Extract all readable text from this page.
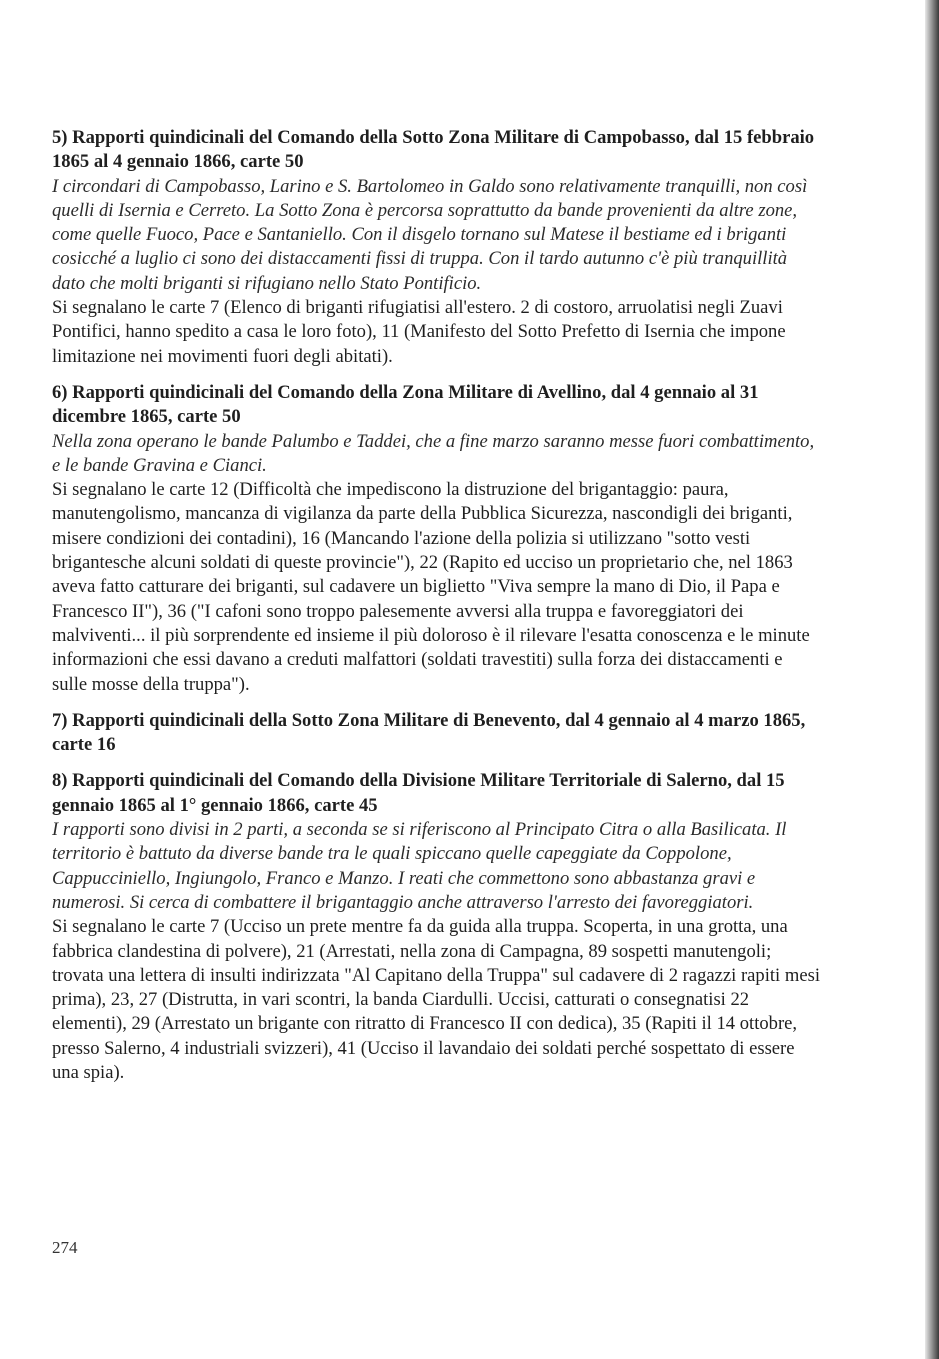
5) Rapporti quindicinali del Comando della Sotto Zona Militare di Campobasso, dal 15 febbraio 1865 al 4 gennaio 1866, carte 50

I circondari di Campobasso, Larino e S. Bartolomeo in Galdo sono relativamente tranquilli, non così quelli di Isernia e Cerreto. La Sotto Zona è percorsa soprattutto da bande provenienti da altre zone, come quelle Fuoco, Pace e Santaniello. Con il disgelo tornano sul Matese il bestiame ed i briganti cosicché a luglio ci sono dei distaccamenti fissi di truppa. Con il tardo autunno c'è più tranquillità dato che molti briganti si rifugiano nello Stato Pontificio.

Si segnalano le carte 7 (Elenco di briganti rifugiatisi all'estero. 2 di costoro, arruolatisi negli Zuavi Pontifici, hanno spedito a casa le loro foto), 11 (Manifesto del Sotto Prefetto di Isernia che impone limitazione nei movimenti fuori degli abitati).

6) Rapporti quindicinali del Comando della Zona Militare di Avellino, dal 4 gennaio al 31 dicembre 1865, carte 50

Nella zona operano le bande Palumbo e Taddei, che a fine marzo saranno messe fuori combattimento, e le bande Gravina e Cianci.

Si segnalano le carte 12 (Difficoltà che impediscono la distruzione del brigantaggio: paura, manutengolismo, mancanza di vigilanza da parte della Pubblica Sicurezza, nascondigli dei briganti, misere condizioni dei contadini), 16 (Mancando l'azione della polizia si utilizzano "sotto vesti brigantesche alcuni soldati di queste provincie"), 22 (Rapito ed ucciso un proprietario che, nel 1863 aveva fatto catturare dei briganti, sul cadavere un biglietto "Viva sempre la mano di Dio, il Papa e Francesco II"), 36 ("I cafoni sono troppo palesemente avversi alla truppa e favoreggiatori dei malviventi... il più sorprendente ed insieme il più doloroso è il rilevare l'esatta conoscenza e le minute informazioni che essi davano a creduti malfattori (soldati travestiti) sulla forza dei distaccamenti e sulle mosse della truppa").

7) Rapporti quindicinali della Sotto Zona Militare di Benevento, dal 4 gennaio al 4 marzo 1865, carte 16

8) Rapporti quindicinali del Comando della Divisione Militare Territoriale di Salerno, dal 15 gennaio 1865 al 1° gennaio 1866, carte 45

I rapporti sono divisi in 2 parti, a seconda se si riferiscono al Principato Citra o alla Basilicata. Il territorio è battuto da diverse bande tra le quali spiccano quelle capeggiate da Coppolone, Cappucciniello, Ingiungolo, Franco e Manzo. I reati che commettono sono abbastanza gravi e numerosi. Si cerca di combattere il brigantaggio anche attraverso l'arresto dei favoreggiatori.

Si segnalano le carte 7 (Ucciso un prete mentre fa da guida alla truppa. Scoperta, in una grotta, una fabbrica clandestina di polvere), 21 (Arrestati, nella zona di Campagna, 89 sospetti manutengoli; trovata una lettera di insulti indirizzata "Al Capitano della Truppa" sul cadavere di 2 ragazzi rapiti mesi prima), 23, 27 (Distrutta, in vari scontri, la banda Ciardulli. Uccisi, catturati o consegnatisi 22 elementi), 29 (Arrestato un brigante con ritratto di Francesco II con dedica), 35 (Rapiti il 14 ottobre, presso Salerno, 4 industriali svizzeri), 41 (Ucciso il lavandaio dei soldati perché sospettato di essere una spia).

274
